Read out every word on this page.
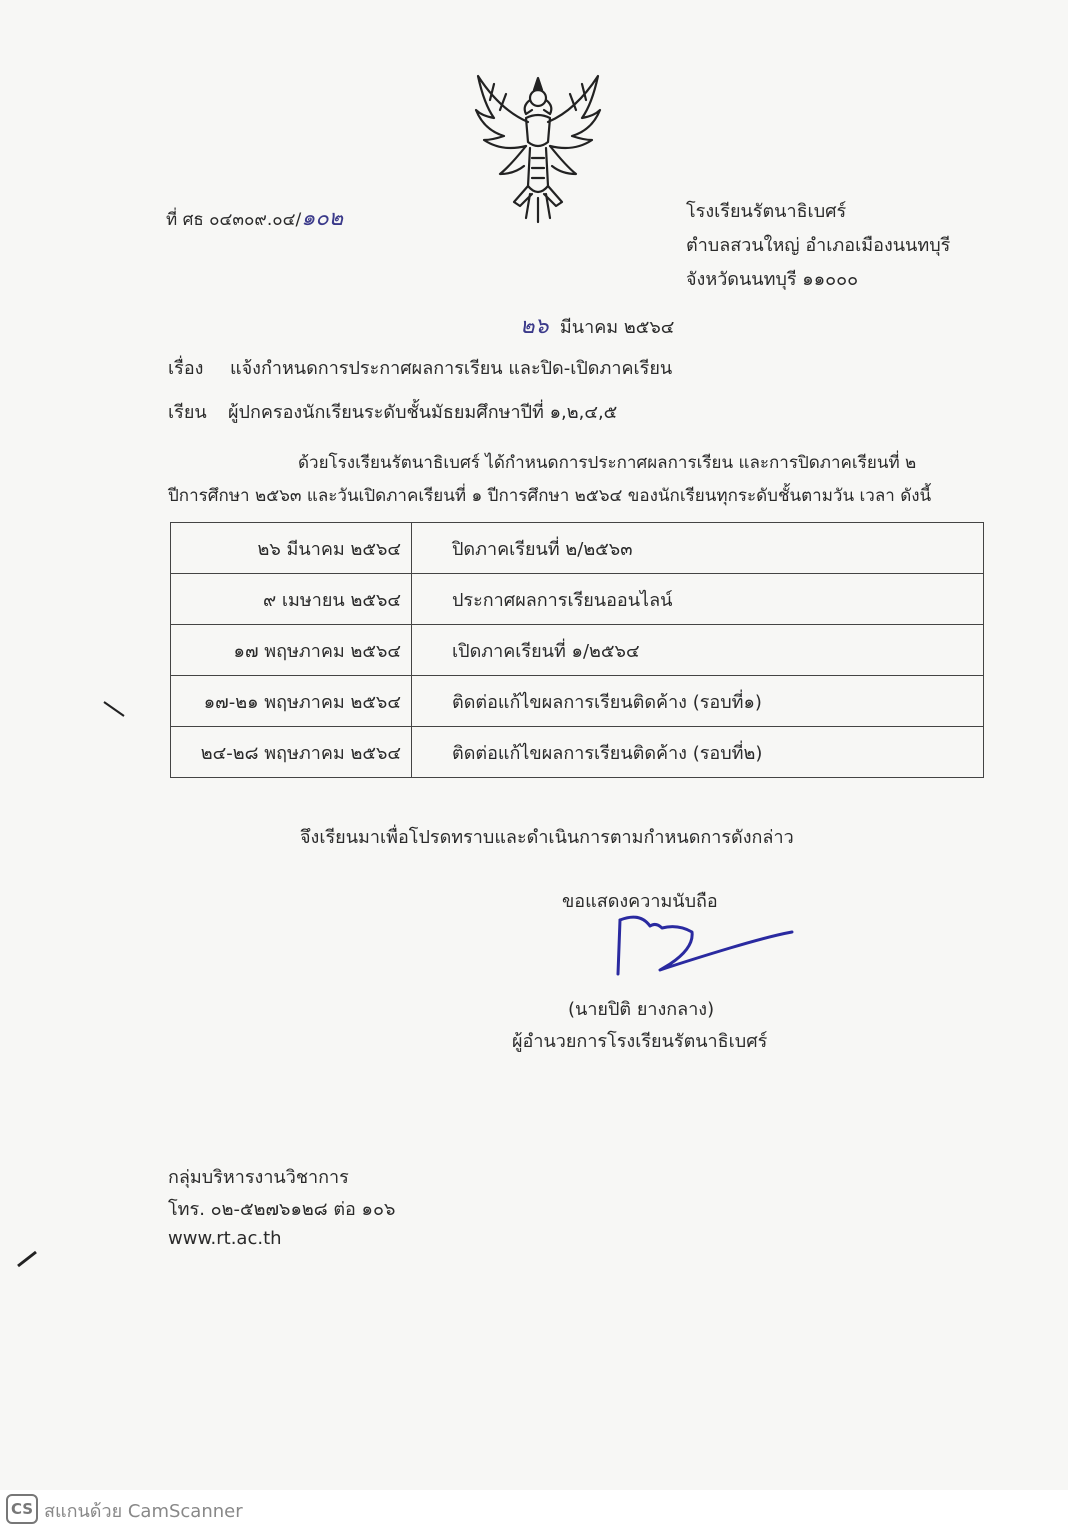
ที่ ศธ ๐๔๓๐๙.๐๔/๑๐๒	โรงเรียนรัตนาธิเบศร์
ตำบลสวนใหญ่ อำเภอเมืองนนทบุรี
จังหวัดนนทบุรี ๑๑๐๐๐
๒๖ มีนาคม ๒๕๖๔
เรื่อง แจ้งกำหนดการประกาศผลการเรียน และปิด-เปิดภาคเรียน
เรียน ผู้ปกครองนักเรียนระดับชั้นมัธยมศึกษาปีที่ ๑,๒,๔,๕
ด้วยโรงเรียนรัตนาธิเบศร์ ได้กำหนดการประกาศผลการเรียน และการปิดภาคเรียนที่ ๒
ปีการศึกษา ๒๕๖๓ และวันเปิดภาคเรียนที่ ๑ ปีการศึกษา ๒๕๖๔ ของนักเรียนทุกระดับชั้นตามวัน เวลา ดังนี้
๒๖ มีนาคม ๒๕๖๔	ปิดภาคเรียนที่ ๒/๒๕๖๓
๙ เมษายน ๒๕๖๔	ประกาศผลการเรียนออนไลน์
๑๗ พฤษภาคม ๒๕๖๔	เปิดภาคเรียนที่ ๑/๒๕๖๔
๑๗-๒๑ พฤษภาคม ๒๕๖๔	ติดต่อแก้ไขผลการเรียนติดค้าง (รอบที่๑)
๒๔-๒๘ พฤษภาคม ๒๕๖๔	ติดต่อแก้ไขผลการเรียนติดค้าง (รอบที่๒)
จึงเรียนมาเพื่อโปรดทราบและดำเนินการตามกำหนดการดังกล่าว
ขอแสดงความนับถือ
(นายปิติ ยางกลาง)
ผู้อำนวยการโรงเรียนรัตนาธิเบศร์
กลุ่มบริหารงานวิชาการ
โทร. ๐๒-๕๒๗๖๑๒๘ ต่อ ๑๐๖
www.rt.ac.th
CS สแกนด้วย CamScanner
